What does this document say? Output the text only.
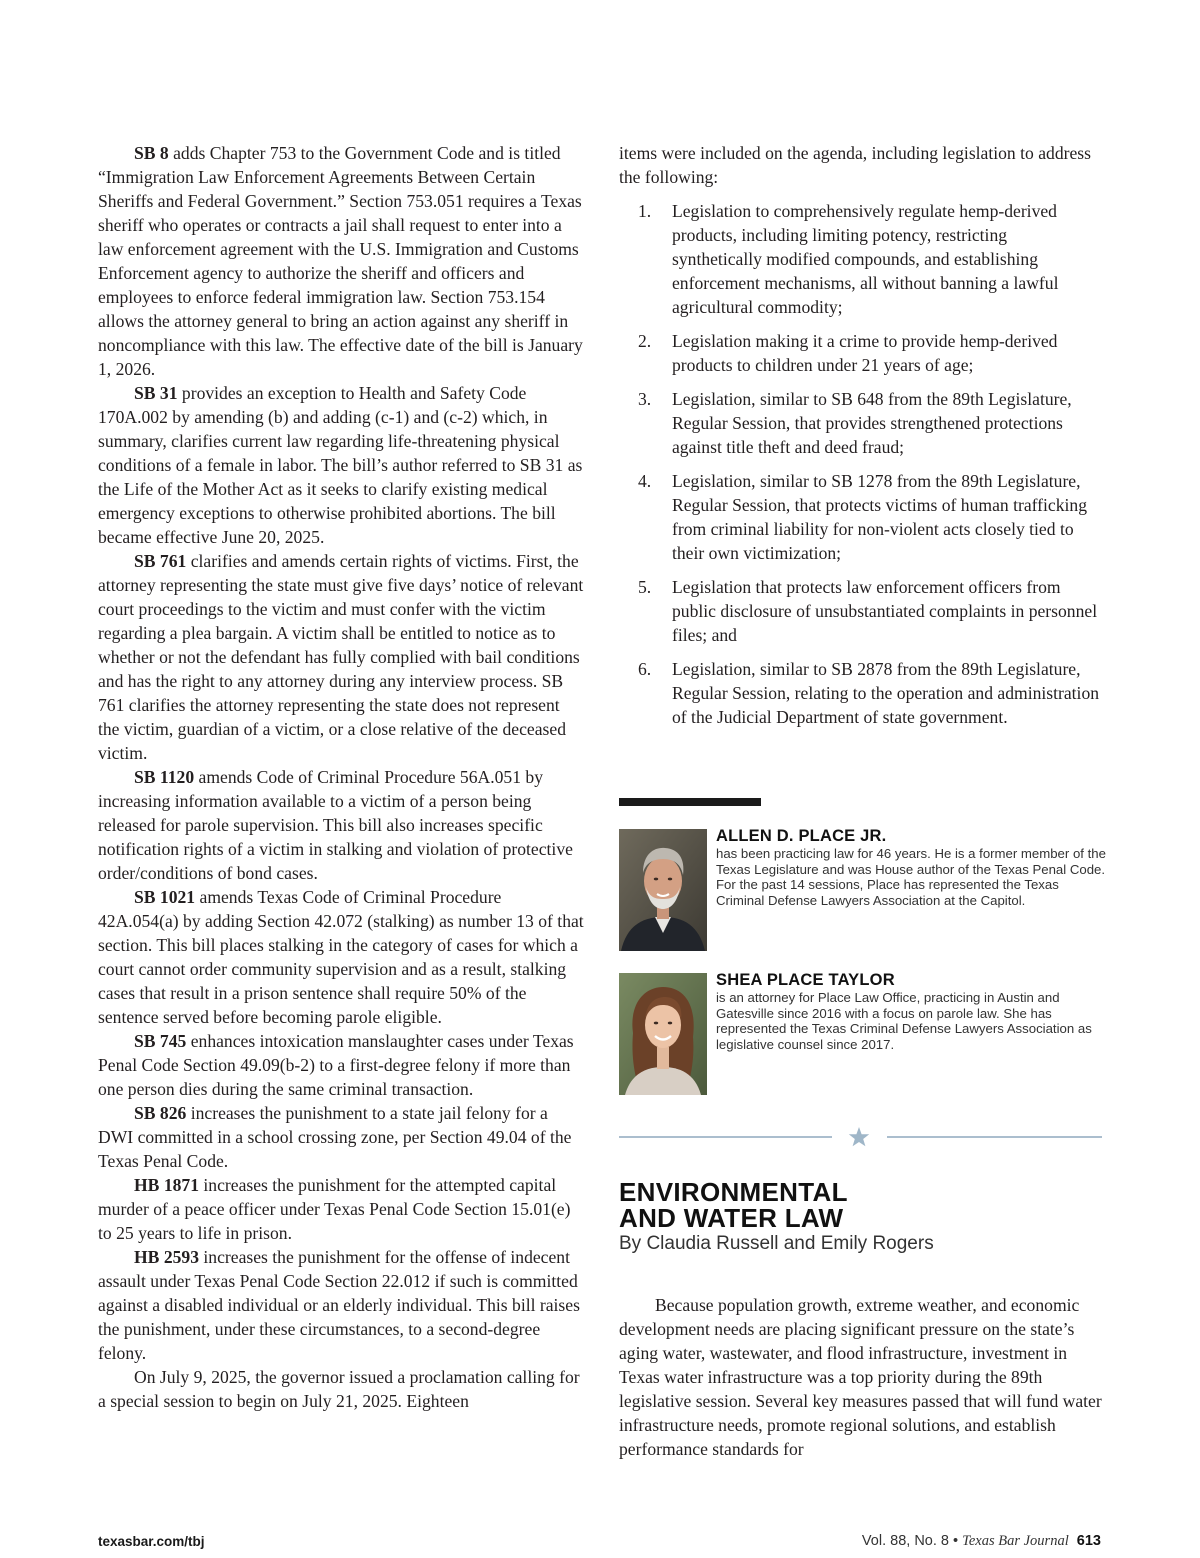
SB 8 adds Chapter 753 to the Government Code and is titled “Immigration Law Enforcement Agreements Between Certain Sheriffs and Federal Government.” Section 753.051 requires a Texas sheriff who operates or contracts a jail shall request to enter into a law enforcement agreement with the U.S. Immigration and Customs Enforcement agency to authorize the sheriff and officers and employees to enforce federal immigration law. Section 753.154 allows the attorney general to bring an action against any sheriff in noncompliance with this law. The effective date of the bill is January 1, 2026.

SB 31 provides an exception to Health and Safety Code 170A.002 by amending (b) and adding (c-1) and (c-2) which, in summary, clarifies current law regarding life-threatening physical conditions of a female in labor. The bill’s author referred to SB 31 as the Life of the Mother Act as it seeks to clarify existing medical emergency exceptions to otherwise prohibited abortions. The bill became effective June 20, 2025.

SB 761 clarifies and amends certain rights of victims. First, the attorney representing the state must give five days’ notice of relevant court proceedings to the victim and must confer with the victim regarding a plea bargain. A victim shall be entitled to notice as to whether or not the defendant has fully complied with bail conditions and has the right to any attorney during any interview process. SB 761 clarifies the attorney representing the state does not represent the victim, guardian of a victim, or a close relative of the deceased victim.

SB 1120 amends Code of Criminal Procedure 56A.051 by increasing information available to a victim of a person being released for parole supervision. This bill also increases specific notification rights of a victim in stalking and violation of protective order/conditions of bond cases.

SB 1021 amends Texas Code of Criminal Procedure 42A.054(a) by adding Section 42.072 (stalking) as number 13 of that section. This bill places stalking in the category of cases for which a court cannot order community supervision and as a result, stalking cases that result in a prison sentence shall require 50% of the sentence served before becoming parole eligible.

SB 745 enhances intoxication manslaughter cases under Texas Penal Code Section 49.09(b-2) to a first-degree felony if more than one person dies during the same criminal transaction.

SB 826 increases the punishment to a state jail felony for a DWI committed in a school crossing zone, per Section 49.04 of the Texas Penal Code.

HB 1871 increases the punishment for the attempted capital murder of a peace officer under Texas Penal Code Section 15.01(e) to 25 years to life in prison.

HB 2593 increases the punishment for the offense of indecent assault under Texas Penal Code Section 22.012 if such is committed against a disabled individual or an elderly individual. This bill raises the punishment, under these circumstances, to a second-degree felony.

On July 9, 2025, the governor issued a proclamation calling for a special session to begin on July 21, 2025. Eighteen

items were included on the agenda, including legislation to address the following:

1. Legislation to comprehensively regulate hemp-derived products, including limiting potency, restricting synthetically modified compounds, and establishing enforcement mechanisms, all without banning a lawful agricultural commodity;
2. Legislation making it a crime to provide hemp-derived products to children under 21 years of age;
3. Legislation, similar to SB 648 from the 89th Legislature, Regular Session, that provides strengthened protections against title theft and deed fraud;
4. Legislation, similar to SB 1278 from the 89th Legislature, Regular Session, that protects victims of human trafficking from criminal liability for non-violent acts closely tied to their own victimization;
5. Legislation that protects law enforcement officers from public disclosure of unsubstantiated complaints in personnel files; and
6. Legislation, similar to SB 2878 from the 89th Legislature, Regular Session, relating to the operation and administration of the Judicial Department of state government.
ALLEN D. PLACE JR.
has been practicing law for 46 years. He is a former member of the Texas Legislature and was House author of the Texas Penal Code. For the past 14 sessions, Place has represented the Texas Criminal Defense Lawyers Association at the Capitol.
SHEA PLACE TAYLOR
is an attorney for Place Law Office, practicing in Austin and Gatesville since 2016 with a focus on parole law. She has represented the Texas Criminal Defense Lawyers Association as legislative counsel since 2017.
ENVIRONMENTAL
AND WATER LAW
By Claudia Russell and Emily Rogers

Because population growth, extreme weather, and economic development needs are placing significant pressure on the state’s aging water, wastewater, and flood infrastructure, investment in Texas water infrastructure was a top priority during the 89th legislative session. Several key measures passed that will fund water infrastructure needs, promote regional solutions, and establish performance standards for

texasbar.com/tbj	Vol. 88, No. 8 • Texas Bar Journal 613
